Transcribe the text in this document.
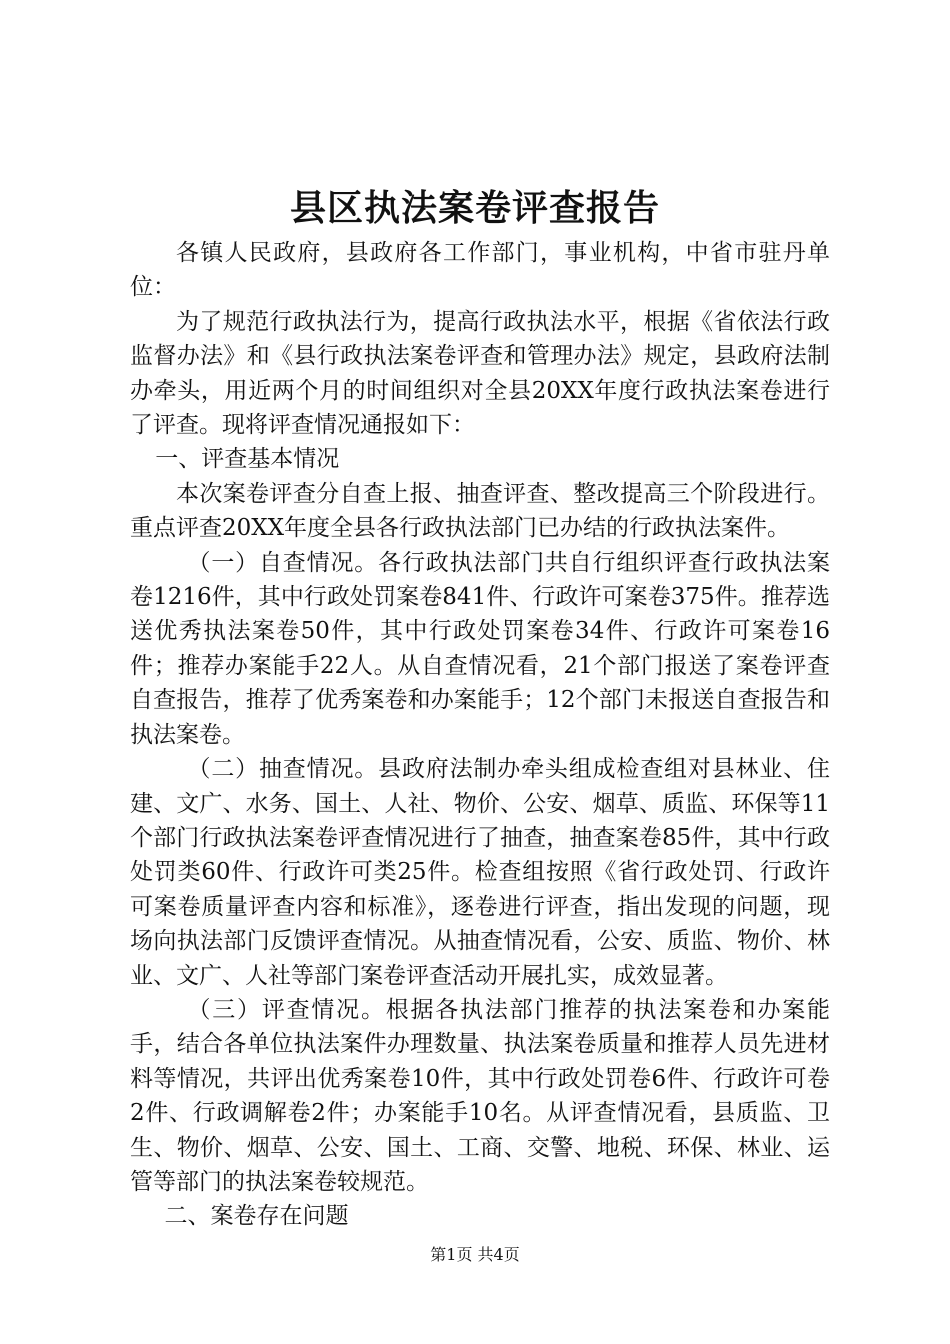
县区执法案卷评查报告

各镇人民政府，县政府各工作部门，事业机构，中省市驻丹单位：

为了规范行政执法行为，提高行政执法水平，根据《省依法行政监督办法》和《县行政执法案卷评查和管理办法》规定，县政府法制办牵头，用近两个月的时间组织对全县20XX年度行政执法案卷进行了评查。现将评查情况通报如下：

一、评查基本情况

本次案卷评查分自查上报、抽查评查、整改提高三个阶段进行。重点评查20XX年度全县各行政执法部门已办结的行政执法案件。

（一）自查情况。各行政执法部门共自行组织评查行政执法案卷1216件，其中行政处罚案卷841件、行政许可案卷375件。推荐选送优秀执法案卷50件，其中行政处罚案卷34件、行政许可案卷16件；推荐办案能手22人。从自查情况看，21个部门报送了案卷评查自查报告，推荐了优秀案卷和办案能手；12个部门未报送自查报告和执法案卷。

（二）抽查情况。县政府法制办牵头组成检查组对县林业、住建、文广、水务、国土、人社、物价、公安、烟草、质监、环保等11个部门行政执法案卷评查情况进行了抽查，抽查案卷85件，其中行政处罚类60件、行政许可类25件。检查组按照《省行政处罚、行政许可案卷质量评查内容和标准》，逐卷进行评查，指出发现的问题，现场向执法部门反馈评查情况。从抽查情况看，公安、质监、物价、林业、文广、人社等部门案卷评查活动开展扎实，成效显著。

（三）评查情况。根据各执法部门推荐的执法案卷和办案能手，结合各单位执法案件办理数量、执法案卷质量和推荐人员先进材料等情况，共评出优秀案卷10件，其中行政处罚卷6件、行政许可卷2件、行政调解卷2件；办案能手10名。从评查情况看，县质监、卫生、物价、烟草、公安、国土、工商、交警、地税、环保、林业、运管等部门的执法案卷较规范。

二、案卷存在问题

第1页 共4页
